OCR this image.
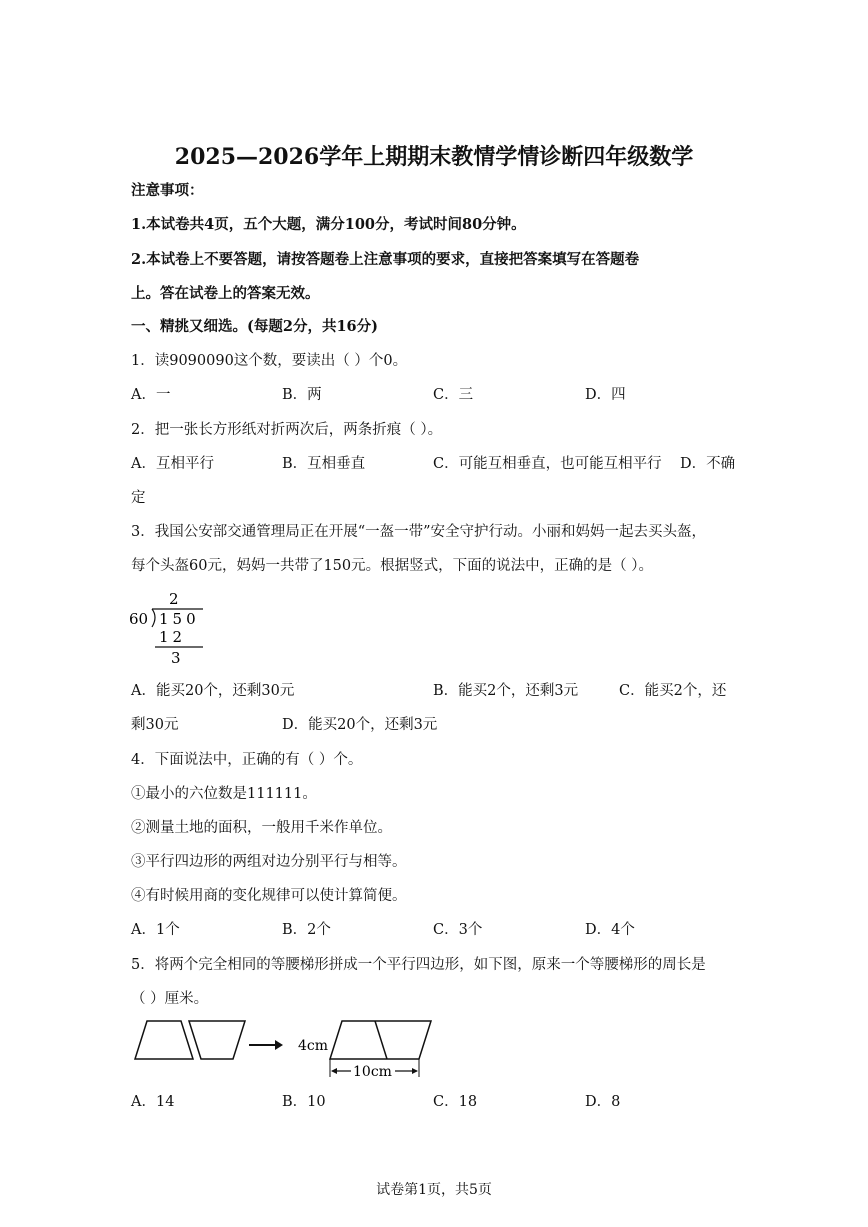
2025—2026学年上期期末教情学情诊断四年级数学
注意事项：
1.本试卷共4页，五个大题，满分100分，考试时间80分钟。
2.本试卷上不要答题，请按答题卷上注意事项的要求，直接把答案填写在答题卷
上。答在试卷上的答案无效。
一、精挑又细选。(每题2分，共16分)
1．读9090090这个数，要读出（ ）个0。
A．一	B．两	C．三	D．四
2．把一张长方形纸对折两次后，两条折痕（ ）。
A．互相平行	B．互相垂直	C．可能互相垂直，也可能互相平行 D．不确
定
3．我国公安部交通管理局正在开展“一盔一带”安全守护行动。小丽和妈妈一起去买头盔，
每个头盔60元，妈妈一共带了150元。根据竖式，下面的说法中，正确的是（ ）。
2
60 150
12
3
A．能买20个，还剩30元	B．能买2个，还剩3元	C．能买2个，还
剩30元	D．能买20个，还剩3元
4．下面说法中，正确的有（ ）个。
①最小的六位数是111111。
②测量土地的面积，一般用千米作单位。
③平行四边形的两组对边分别平行与相等。
④有时候用商的变化规律可以使计算简便。
A．1个	B．2个	C．3个	D．4个
5．将两个完全相同的等腰梯形拼成一个平行四边形，如下图，原来一个等腰梯形的周长是
（ ）厘米。
4cm
10cm
A．14	B．10	C．18	D．8
试卷第1页，共5页
